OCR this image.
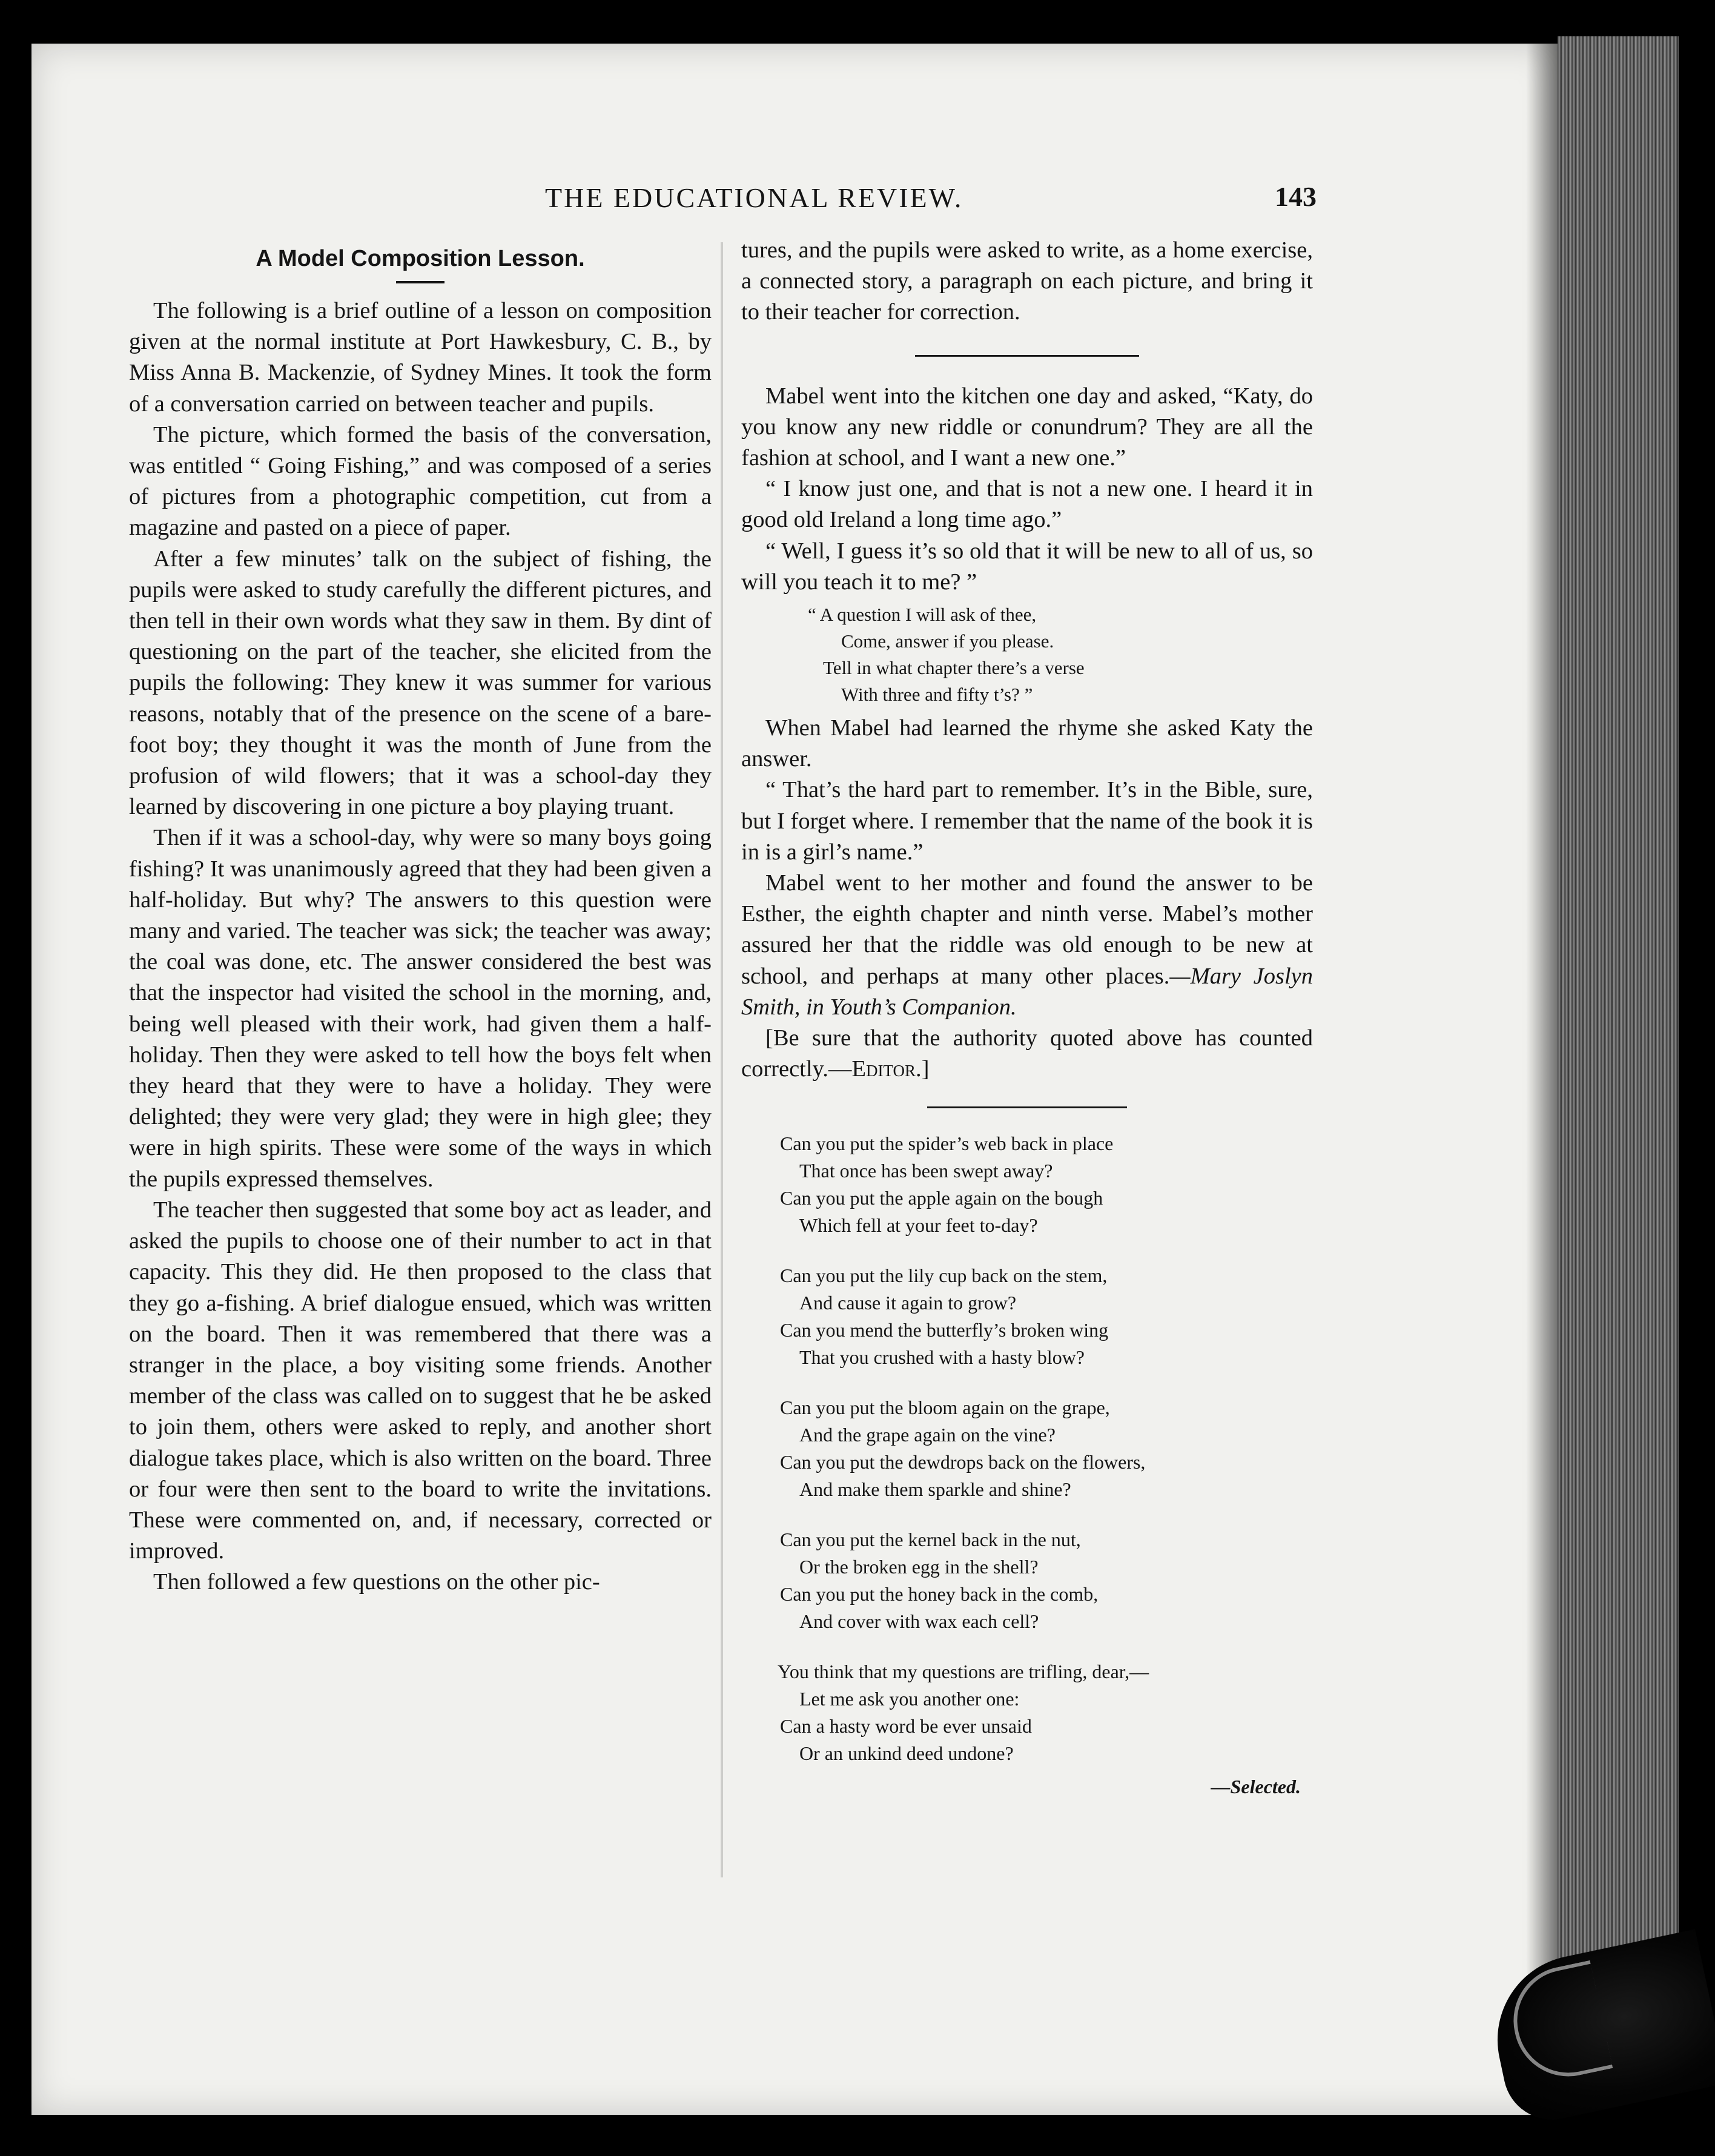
THE EDUCATIONAL REVIEW.	143
A Model Composition Lesson.

The following is a brief outline of a lesson on composition given at the normal institute at Port Hawkesbury, C. B., by Miss Anna B. Mackenzie, of Sydney Mines. It took the form of a conversation carried on between teacher and pupils.

The picture, which formed the basis of the conversation, was entitled “ Going Fishing,” and was composed of a series of pictures from a photographic competition, cut from a magazine and pasted on a piece of paper.

After a few minutes’ talk on the subject of fishing, the pupils were asked to study carefully the different pictures, and then tell in their own words what they saw in them. By dint of questioning on the part of the teacher, she elicited from the pupils the following: They knew it was summer for various reasons, notably that of the presence on the scene of a bare-foot boy; they thought it was the month of June from the profusion of wild flowers; that it was a school-day they learned by discovering in one picture a boy playing truant.

Then if it was a school-day, why were so many boys going fishing? It was unanimously agreed that they had been given a half-holiday. But why? The answers to this question were many and varied. The teacher was sick; the teacher was away; the coal was done, etc. The answer considered the best was that the inspector had visited the school in the morning, and, being well pleased with their work, had given them a half-holiday. Then they were asked to tell how the boys felt when they heard that they were to have a holiday. They were delighted; they were very glad; they were in high glee; they were in high spirits. These were some of the ways in which the pupils expressed themselves.

The teacher then suggested that some boy act as leader, and asked the pupils to choose one of their number to act in that capacity. This they did. He then proposed to the class that they go a-fishing. A brief dialogue ensued, which was written on the board. Then it was remembered that there was a stranger in the place, a boy visiting some friends. Another member of the class was called on to suggest that he be asked to join them, others were asked to reply, and another short dialogue takes place, which is also written on the board. Three or four were then sent to the board to write the invitations. These were commented on, and, if necessary, corrected or improved.

Then followed a few questions on the other pic-

tures, and the pupils were asked to write, as a home exercise, a connected story, a paragraph on each picture, and bring it to their teacher for correction.

Mabel went into the kitchen one day and asked, “Katy, do you know any new riddle or conundrum? They are all the fashion at school, and I want a new one.”

“ I know just one, and that is not a new one. I heard it in good old Ireland a long time ago.”

“ Well, I guess it’s so old that it will be new to all of us, so will you teach it to me? ”

“ A question I will ask of thee,
Come, answer if you please.
Tell in what chapter there’s a verse
With three and fifty t’s? ”

When Mabel had learned the rhyme she asked Katy the answer.

“ That’s the hard part to remember. It’s in the Bible, sure, but I forget where. I remember that the name of the book it is in is a girl’s name.”

Mabel went to her mother and found the answer to be Esther, the eighth chapter and ninth verse. Mabel’s mother assured her that the riddle was old enough to be new at school, and perhaps at many other places.—Mary Joslyn Smith, in Youth’s Companion.

[Be sure that the authority quoted above has counted correctly.—Editor.]

Can you put the spider’s web back in place
That once has been swept away?
Can you put the apple again on the bough
Which fell at your feet to-day?
Can you put the lily cup back on the stem,
And cause it again to grow?
Can you mend the butterfly’s broken wing
That you crushed with a hasty blow?
Can you put the bloom again on the grape,
And the grape again on the vine?
Can you put the dewdrops back on the flowers,
And make them sparkle and shine?
Can you put the kernel back in the nut,
Or the broken egg in the shell?
Can you put the honey back in the comb,
And cover with wax each cell?
You think that my questions are trifling, dear,—
Let me ask you another one:
Can a hasty word be ever unsaid
Or an unkind deed undone?
—Selected.
